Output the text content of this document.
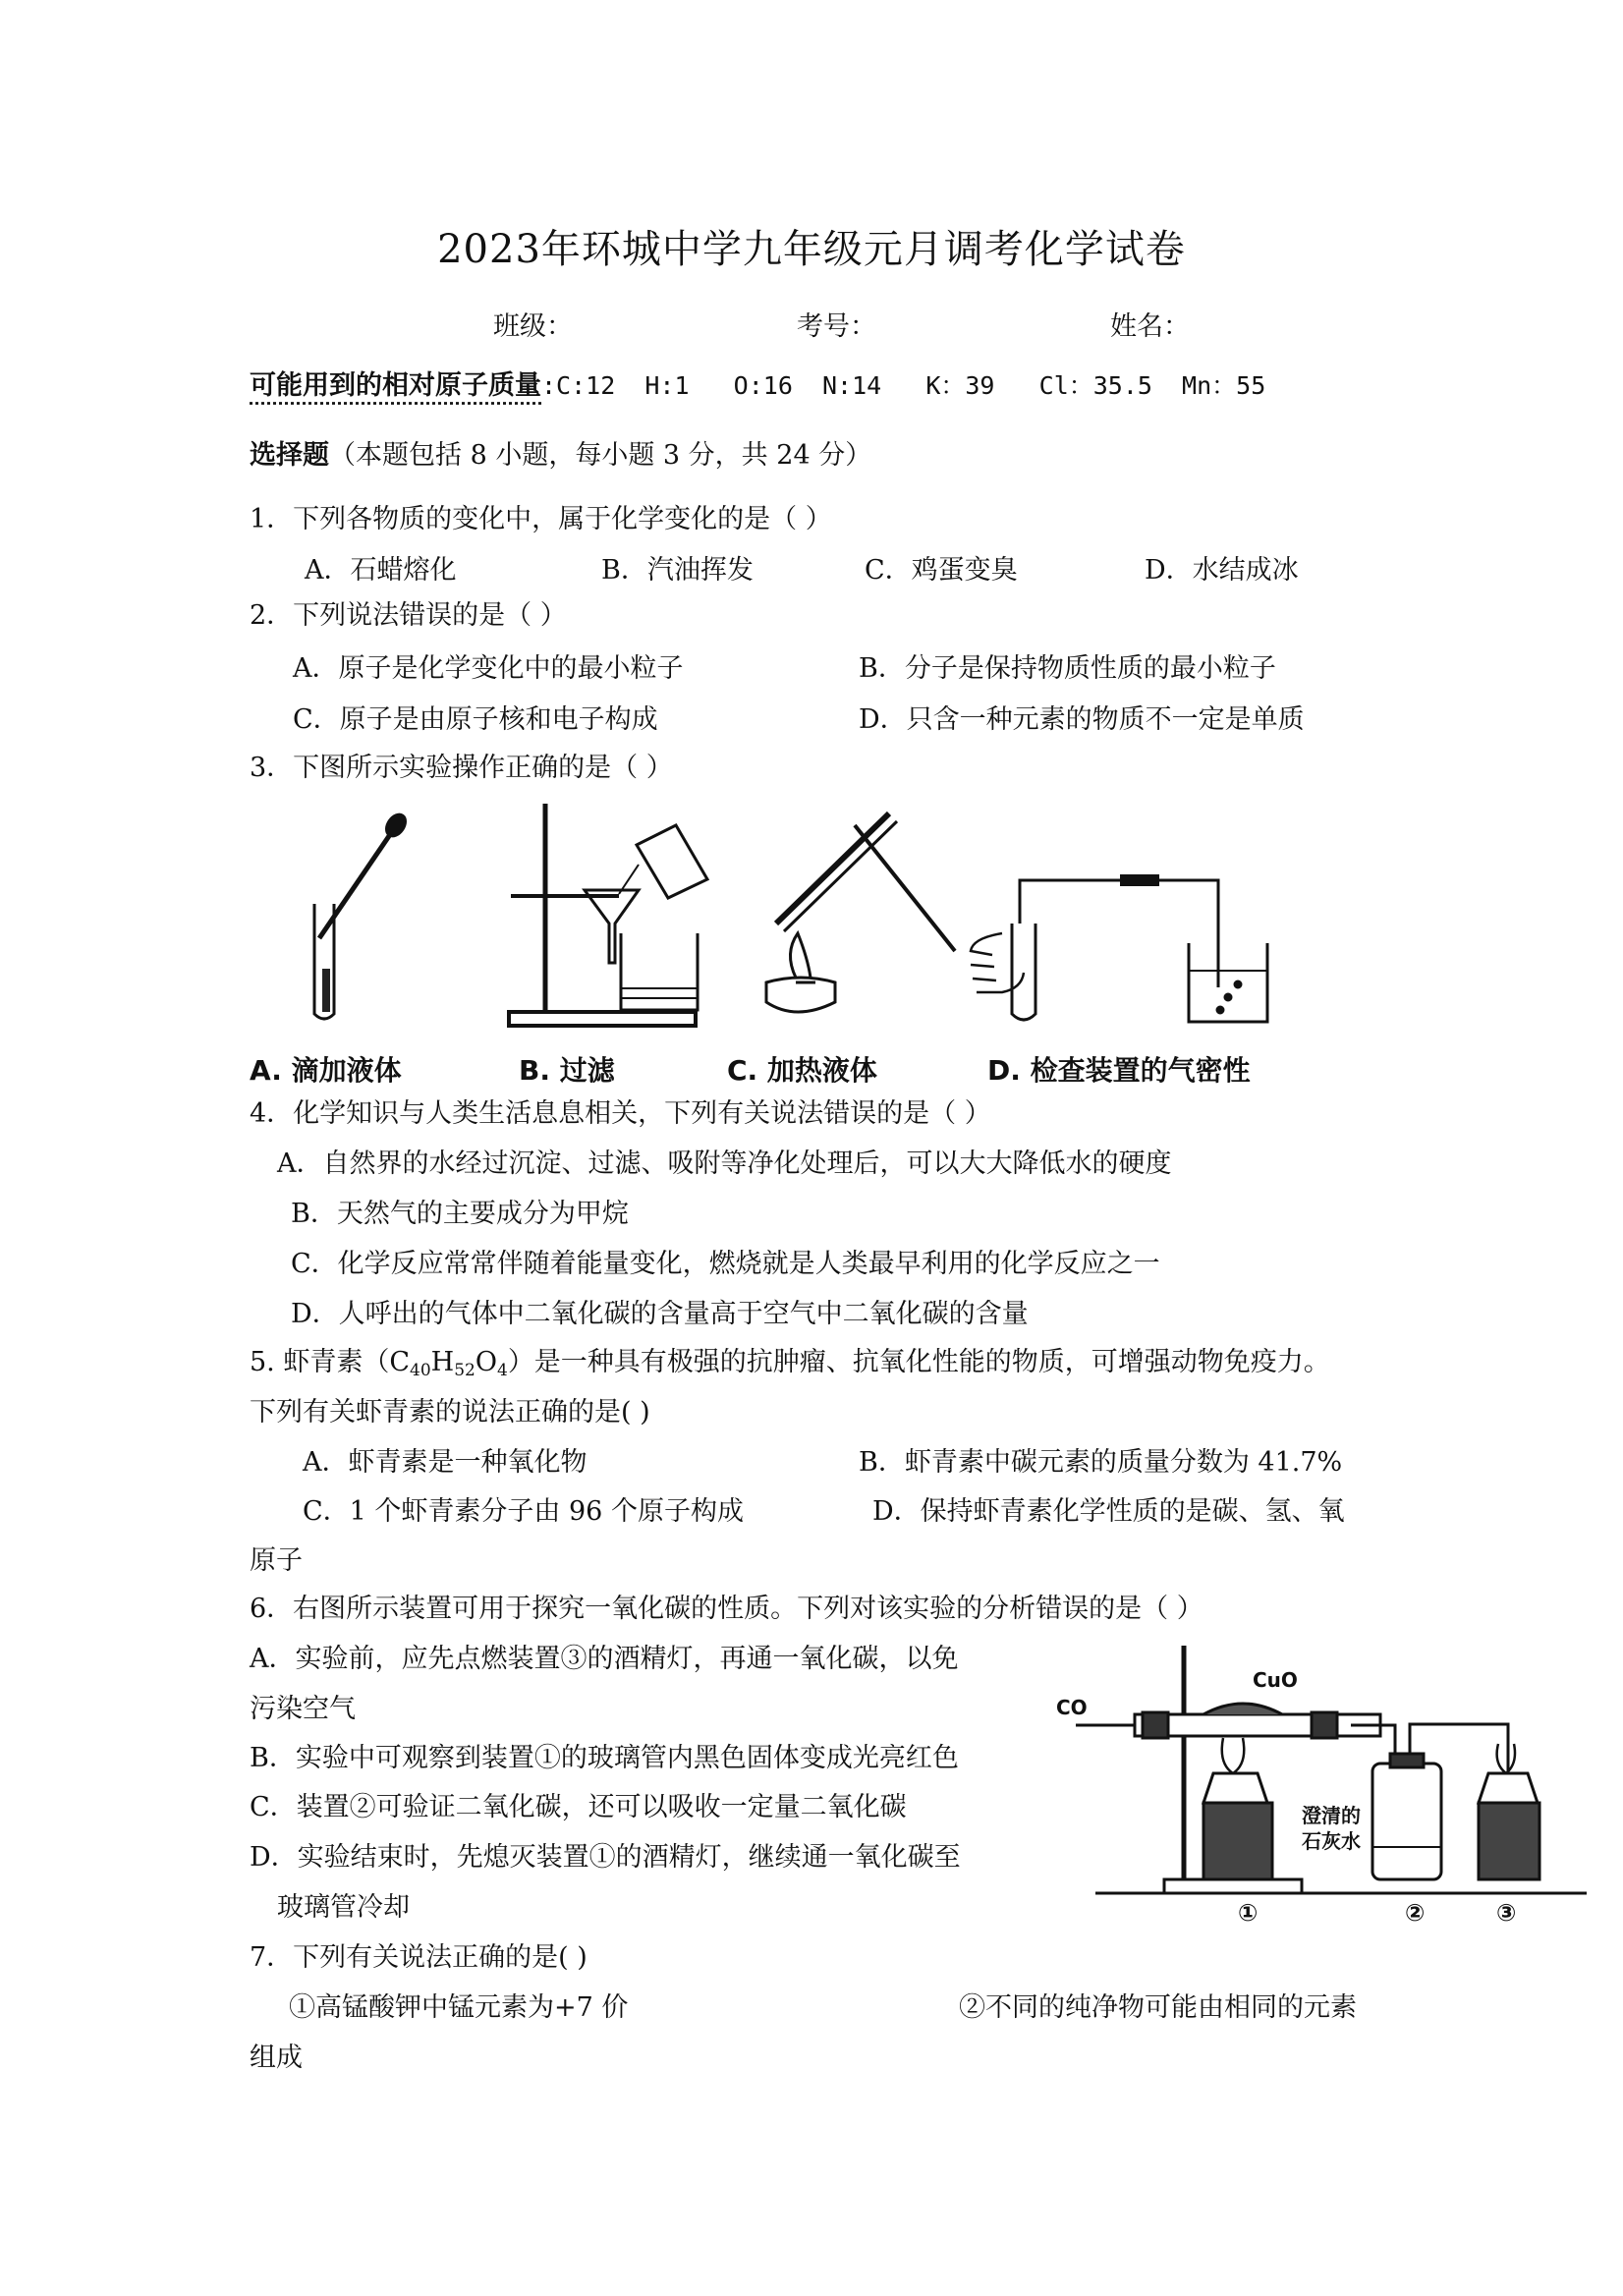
2023年环城中学九年级元月调考化学试卷
班级：	考号：	姓名：
可能用到的相对原子质量:C:12  H:1   O:16  N:14   K：39   Cl：35.5  Mn：55
选择题（本题包括 8 小题，每小题 3 分，共 24 分）
1．下列各物质的变化中，属于化学变化的是（ ）
A．石蜡熔化	B．汽油挥发	C．鸡蛋变臭	D．水结成冰
2．下列说法错误的是（ ）
A．原子是化学变化中的最小粒子	B．分子是保持物质性质的最小粒子
C．原子是由原子核和电子构成	D．只含一种元素的物质不一定是单质
3．下图所示实验操作正确的是（ ）
A. 滴加液体	B. 过滤	C. 加热液体	D. 检查装置的气密性
4．化学知识与人类生活息息相关，下列有关说法错误的是（ ）
A．自然界的水经过沉淀、过滤、吸附等净化处理后，可以大大降低水的硬度
B．天然气的主要成分为甲烷
C．化学反应常常伴随着能量变化，燃烧就是人类最早利用的化学反应之一
D．人呼出的气体中二氧化碳的含量高于空气中二氧化碳的含量
5. 虾青素$(C_{40}H_{52}O_4)$是一种具有极强的抗肿瘤、抗氧化性能的物质，可增强动物免疫力。
下列有关虾青素的说法正确的是( )
A．虾青素是一种氧化物	B．虾青素中碳元素的质量分数为 41.7%
C．1 个虾青素分子由 96 个原子构成	D．保持虾青素化学性质的是碳、氢、氧
原子
6．右图所示装置可用于探究一氧化碳的性质。下列对该实验的分析错误的是（ ）
A．实验前，应先点燃装置③的酒精灯，再通一氧化碳，以免
污染空气
B．实验中可观察到装置①的玻璃管内黑色固体变成光亮红色
C．装置②可验证二氧化碳，还可以吸收一定量二氧化碳
D．实验结束时，先熄灭装置①的酒精灯，继续通一氧化碳至
玻璃管冷却
CO
CuO
澄清的
石灰水
①	②	③
7．下列有关说法正确的是( )
①高锰酸钾中锰元素为+7 价	②不同的纯净物可能由相同的元素
组成
